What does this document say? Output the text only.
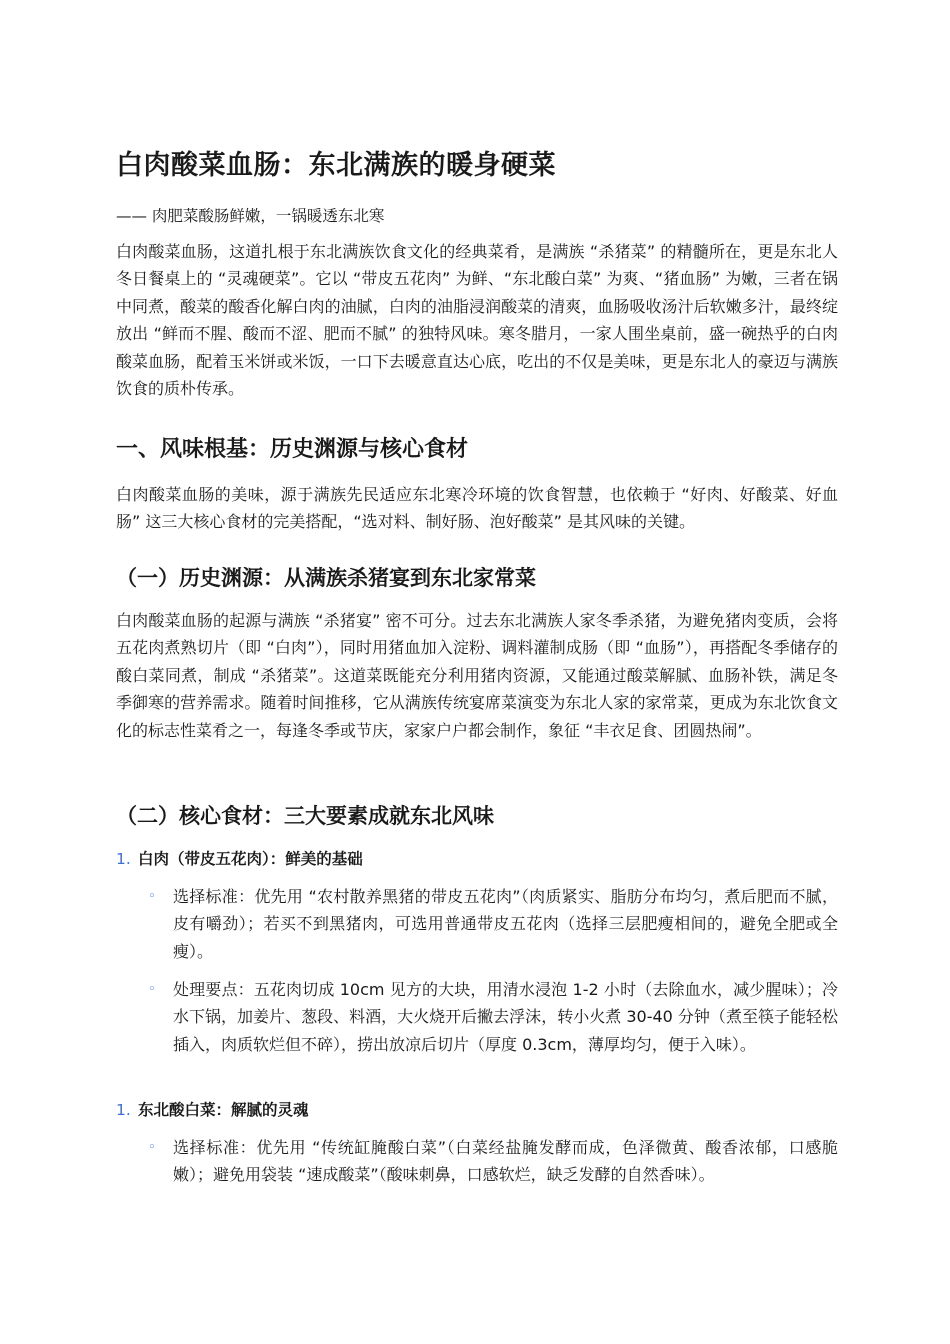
白肉酸菜血肠：东北满族的暖身硬菜

—— 肉肥菜酸肠鲜嫩，一锅暖透东北寒

白肉酸菜血肠，这道扎根于东北满族饮食文化的经典菜肴，是满族 “杀猪菜” 的精髓所在，更是东北人冬日餐桌上的 “灵魂硬菜”。它以 “带皮五花肉” 为鲜、“东北酸白菜” 为爽、“猪血肠” 为嫩，三者在锅中同煮，酸菜的酸香化解白肉的油腻，白肉的油脂浸润酸菜的清爽，血肠吸收汤汁后软嫩多汁，最终绽放出 “鲜而不腥、酸而不涩、肥而不腻” 的独特风味。寒冬腊月，一家人围坐桌前，盛一碗热乎的白肉酸菜血肠，配着玉米饼或米饭，一口下去暖意直达心底，吃出的不仅是美味，更是东北人的豪迈与满族饮食的质朴传承。

一、风味根基：历史渊源与核心食材

白肉酸菜血肠的美味，源于满族先民适应东北寒冷环境的饮食智慧，也依赖于 “好肉、好酸菜、好血肠” 这三大核心食材的完美搭配，“选对料、制好肠、泡好酸菜” 是其风味的关键。

（一）历史渊源：从满族杀猪宴到东北家常菜

白肉酸菜血肠的起源与满族 “杀猪宴” 密不可分。过去东北满族人家冬季杀猪，为避免猪肉变质，会将五花肉煮熟切片（即 “白肉”），同时用猪血加入淀粉、调料灌制成肠（即 “血肠”），再搭配冬季储存的酸白菜同煮，制成 “杀猪菜”。这道菜既能充分利用猪肉资源，又能通过酸菜解腻、血肠补铁，满足冬季御寒的营养需求。随着时间推移，它从满族传统宴席菜演变为东北人家的家常菜，更成为东北饮食文化的标志性菜肴之一，每逢冬季或节庆，家家户户都会制作，象征 “丰衣足食、团圆热闹”。

（二）核心食材：三大要素成就东北风味

1. 白肉（带皮五花肉）：鲜美的基础

◦ 选择标准：优先用 “农村散养黑猪的带皮五花肉”（肉质紧实、脂肪分布均匀，煮后肥而不腻，皮有嚼劲）；若买不到黑猪肉，可选用普通带皮五花肉（选择三层肥瘦相间的，避免全肥或全瘦）。
◦ 处理要点：五花肉切成 10cm 见方的大块，用清水浸泡 1-2 小时（去除血水，减少腥味）；冷水下锅，加姜片、葱段、料酒，大火烧开后撇去浮沫，转小火煮 30-40 分钟（煮至筷子能轻松插入，肉质软烂但不碎），捞出放凉后切片（厚度 0.3cm，薄厚均匀，便于入味）。

1. 东北酸白菜：解腻的灵魂

◦ 选择标准：优先用 “传统缸腌酸白菜”（白菜经盐腌发酵而成，色泽微黄、酸香浓郁，口感脆嫩）；避免用袋装 “速成酸菜”（酸味刺鼻，口感软烂，缺乏发酵的自然香味）。
